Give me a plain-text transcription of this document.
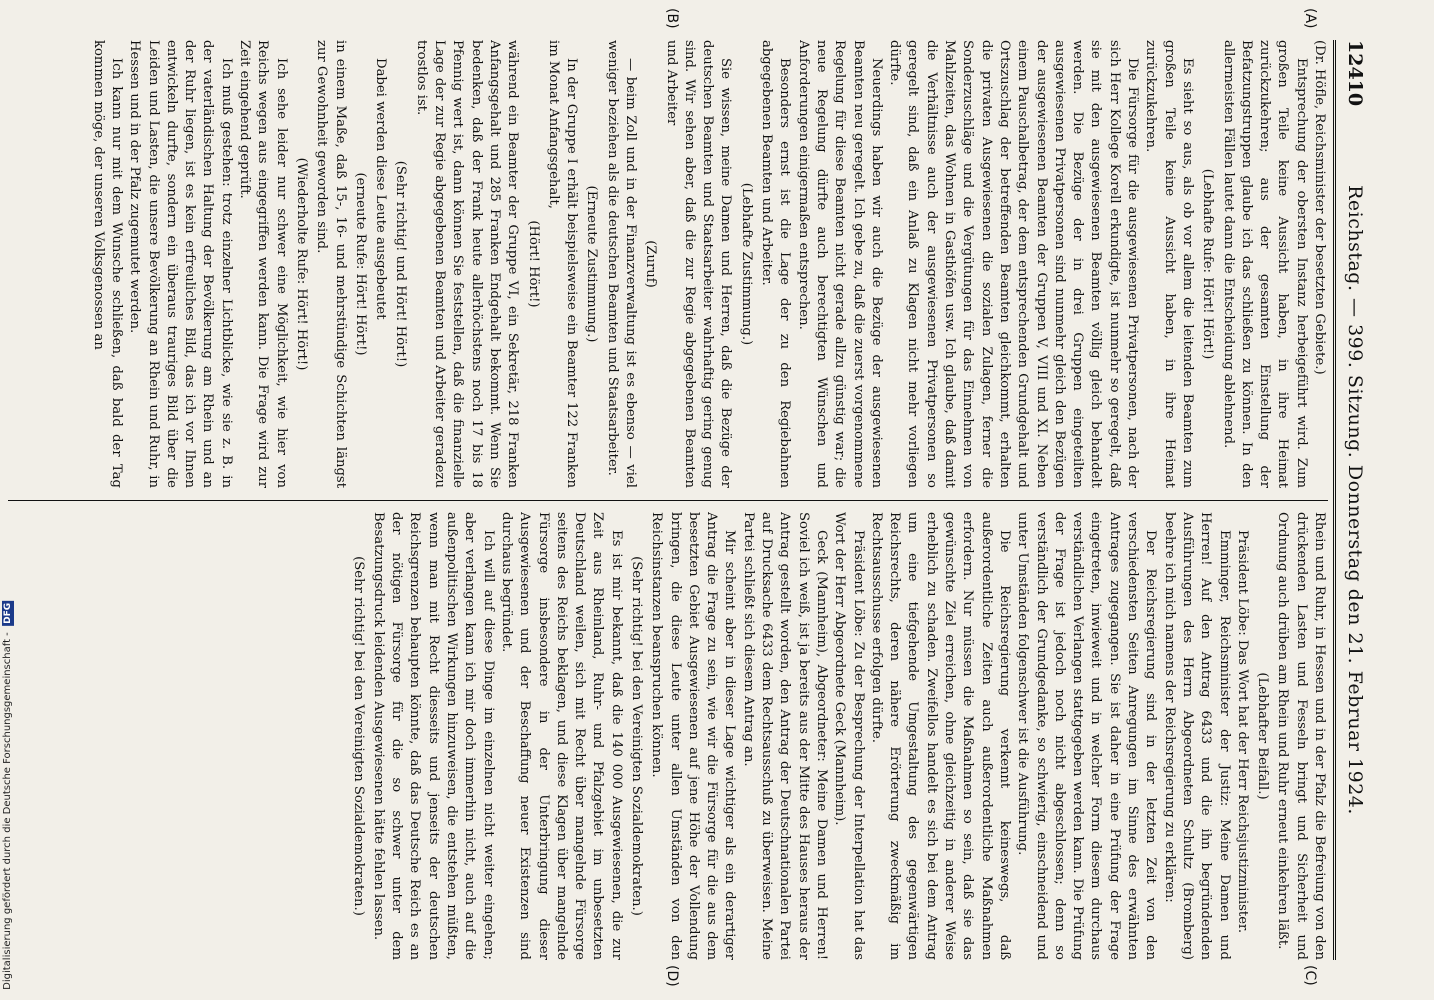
12410
Reichstag. — 399. Sitzung. Donnerstag den 21. Februar 1924.
(A)
(B)
(C)
(D)

(Dr. Höfle, Reichsminister der besetzten Gebiete.)

Entsprechung der obersten Instanz herbeigeführt wird. Zum großen Teile keine Aussicht haben, in ihre Heimat zurückzukehren; aus der gesamten Einstellung der Befatzungstruppen glaube ich das schließen zu können. In den allermeisten Fällen lautet dann die Entscheidung ablehnend.

(Lebhafte Rufe: Hört! Hört!)

Es sieht so aus, als ob vor allem die leitenden Beamten zum großen Teile keine Aussicht haben, in ihre Heimat zurückzukehren.

Die Fürsorge für die ausgewiesenen Privatpersonen, nach der sich Herr Kollege Korell erkundigte, ist nunmehr so geregelt, daß sie mit den ausgewiesenen Beamten völlig gleich behandelt werden. Die Bezüge der in drei Gruppen eingeteilten ausgewiesenen Privatpersonen sind nunmehr gleich den Bezügen der ausgewiesenen Beamten der Gruppen V, VIII und XI. Neben einem Pauschalbetrag, der dem entsprechenden Grundgehalt und Ortszuschlag der betreffenden Beamten gleichkommt, erhalten die privaten Ausgewiesenen die sozialen Zulagen, ferner die Sonderzuschläge und die Vergütungen für das Einnehmen von Mahlzeiten, das Wohnen in Gasthöfen usw. Ich glaube, daß damit die Verhältnisse auch der ausgewiesenen Privatpersonen so geregelt sind, daß ein Anlaß zu Klagen nicht mehr vorliegen dürfte.

Neuerdings haben wir auch die Bezüge der ausgewiesenen Beamten neu geregelt. Ich gebe zu, daß die zuerst vorgenommene Regelung für diese Beamten nicht gerade allzu günstig war; die neue Regelung dürfte auch berechtigten Wünschen und Anforderungen einigermaßen entsprechen.

Besonders ernst ist die Lage der zu den Regiebahnen abgegebenen Beamten und Arbeiter.

(Lebhafte Zustimmung.)

Sie wissen, meine Damen und Herren, daß die Bezüge der deutschen Beamten und Staatsarbeiter wahrhaftig gering genug sind. Wir sehen aber, daß die zur Regie abgegebenen Beamten und Arbeiter

(Zuruf)

— beim Zoll und in der Finanzverwaltung ist es ebenso — viel weniger beziehen als die deutschen Beamten und Staatsarbeiter.

(Erneute Zustimmung.)

In der Gruppe I erhält beispielsweise ein Beamter 122 Franken im Monat Anfangsgehalt,

(Hört! Hört!)

während ein Beamter der Gruppe VI, ein Sekretär, 218 Franken Anfangsgehalt und 285 Franken Endgehalt bekommt. Wenn Sie bedenken, daß der Frank heute allerhöchstens noch 17 bis 18 Pfennig wert ist, dann können Sie feststellen, daß die finanzielle Lage der zur Regie abgegebenen Beamten und Arbeiter geradezu trostlos ist.

(Sehr richtig! und Hört! Hört!)

Dabei werden diese Leute ausgebeutet

(erneute Rufe: Hört! Hört!)

in einem Maße, daß 15-, 16- und mehrstündige Schichten längst zur Gewohnheit geworden sind.

(Wiederholte Rufe: Hört! Hört!)

Ich sehe leider nur schwer eine Möglichkeit, wie hier von Reichs wegen aus eingegriffen werden kann. Die Frage wird zur Zeit eingehend geprüft.

Ich muß gestehen: trotz einzelner Lichtblicke, wie sie z. B. in der vaterländischen Haltung der Bevölkerung am Rhein und an der Ruhr liegen, ist es kein erfreuliches Bild, das ich vor Ihnen entwickeln durfte, sondern ein überaus trauriges Bild über die Leiden und Lasten, die unsere Bevölkerung an Rhein und Ruhr, in Hessen und in der Pfalz zugemutet werden.

Ich kann nur mit dem Wunsche schließen, daß bald der Tag kommen möge, der unseren Volksgenossen an

Rhein und Ruhr, in Hessen und in der Pfalz die Befreiung von den drückenden Lasten und Fesseln bringt und Sicherheit und Ordnung auch drüben am Rhein und Ruhr erneut einkehren läßt.

(Lebhafter Beifall.)

Präsident Löbe: Das Wort hat der Herr Reichsjustizminister.

Emminger, Reichsminister der Justiz: Meine Damen und Herren! Auf den Antrag 6433 und die ihn begründenden Ausführungen des Herrn Abgeordneten Schultz (Bromberg) beehre ich mich namens der Reichsregierung zu erklären:

Der Reichsregierung sind in der letzten Zeit von den verschiedensten Seiten Anregungen im Sinne des erwähnten Antrages zugegangen. Sie ist daher in eine Prüfung der Frage eingetreten, inwieweit und in welcher Form diesem durchaus verständlichen Verlangen stattgegeben werden kann. Die Prüfung der Frage ist jedoch noch nicht abgeschlossen; denn so verständlich der Grundgedanke, so schwierig, einschneidend und unter Umständen folgenschwer ist die Ausführung.

Die Reichsregierung verkennt keineswegs, daß außerordentliche Zeiten auch außerordentliche Maßnahmen erfordern. Nur müssen die Maßnahmen so sein, daß sie das gewünschte Ziel erreichen, ohne gleichzeitig in anderer Weise erheblich zu schaden. Zweifellos handelt es sich bei dem Antrag um eine tiefgehende Umgestaltung des gegenwärtigen Reichsrechts, deren nähere Erörterung zweckmäßig im Rechtsausschusse erfolgen dürfte.

Präsident Löbe: Zu der Besprechung der Interpellation hat das Wort der Herr Abgeordnete Geck (Mannheim).

Geck (Mannheim), Abgeordneter: Meine Damen und Herren! Soviel ich weiß, ist ja bereits aus der Mitte des Hauses heraus der Antrag gestellt worden, den Antrag der Deutschnationalen Partei auf Drucksache 6433 dem Rechtsausschuß zu überweisen. Meine Partei schließt sich diesem Antrag an.

Mir scheint aber in dieser Lage wichtiger als ein derartiger Antrag die Frage zu sein, wie wir die Fürsorge für die aus dem besetzten Gebiet Ausgewiesenen auf jene Höhe der Vollendung bringen, die diese Leute unter allen Umständen von den Reichsinstanzen beanspruchen können.

(Sehr richtig! bei den Vereinigten Sozialdemokraten.)

Es ist mir bekannt, daß die 140 000 Ausgewiesenen, die zur Zeit aus Rheinland, Ruhr- und Pfalzgebiet im unbesetzten Deutschland weilen, sich mit Recht über mangelnde Fürsorge seitens des Reichs beklagen, und diese Klagen über mangelnde Fürsorge insbesondere in der Unterbringung dieser Ausgewiesenen und der Beschaffung neuer Existenzen sind durchaus begründet.

Ich will auf diese Dinge im einzelnen nicht weiter eingehen; aber verlangen kann ich mir doch immerhin nicht, auch auf die außenpolitischen Wirkungen hinzuweisen, die entstehen müßten, wenn man mit Recht diesseits und jenseits der deutschen Reichsgrenzen behaupten könnte, daß das Deutsche Reich es an der nötigen Fürsorge für die so schwer unter dem Besatzungsdruck leidenden Ausgewiesenen hätte fehlen lassen.

(Sehr richtig! bei den Vereinigten Sozialdemokraten.)

Digitalisierung gefördert durch die Deutsche Forschungsgemeinschaft - DFG
